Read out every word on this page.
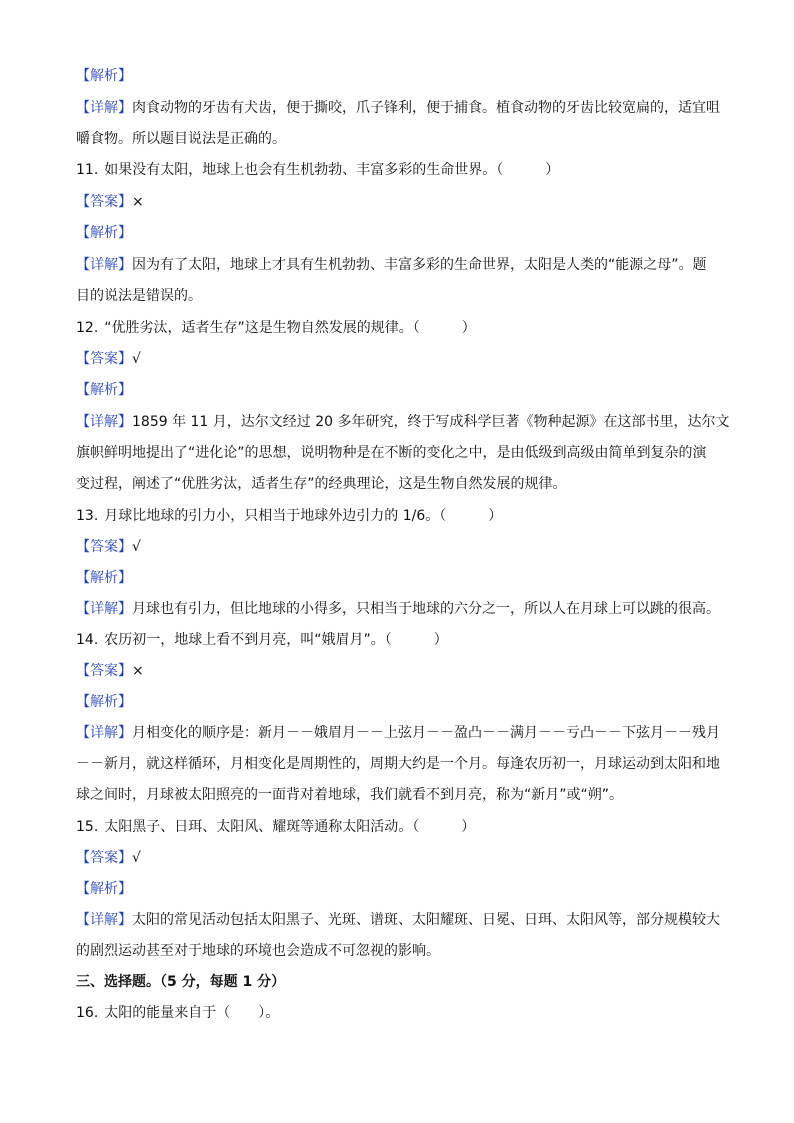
【解析】
【详解】肉食动物的牙齿有犬齿，便于撕咬，爪子锋利，便于捕食。植食动物的牙齿比较宽扁的，适宜咀
嚼食物。所以题目说法是正确的。
11. 如果没有太阳，地球上也会有生机勃勃、丰富多彩的生命世界。（　　　）
【答案】×
【解析】
【详解】因为有了太阳，地球上才具有生机勃勃、丰富多彩的生命世界，太阳是人类的“能源之母”。题
目的说法是错误的。
12. “优胜劣汰，适者生存”这是生物自然发展的规律。（　　　）
【答案】√
【解析】
【详解】1859 年 11 月，达尔文经过 20 多年研究，终于写成科学巨著《物种起源》在这部书里，达尔文
旗帜鲜明地提出了“进化论”的思想，说明物种是在不断的变化之中，是由低级到高级由简单到复杂的演
变过程，阐述了“优胜劣汰，适者生存”的经典理论，这是生物自然发展的规律。
13. 月球比地球的引力小，只相当于地球外边引力的 1/6。（　　　）
【答案】√
【解析】
【详解】月球也有引力，但比地球的小得多，只相当于地球的六分之一，所以人在月球上可以跳的很高。
14. 农历初一，地球上看不到月亮，叫“娥眉月”。（　　　）
【答案】×
【解析】
【详解】月相变化的顺序是：新月－－娥眉月－－上弦月－－盈凸－－满月－－亏凸－－下弦月－－残月
－－新月，就这样循环，月相变化是周期性的，周期大约是一个月。每逢农历初一，月球运动到太阳和地
球之间时，月球被太阳照亮的一面背对着地球，我们就看不到月亮，称为“新月”或“朔”。
15. 太阳黑子、日珥、太阳风、耀斑等通称太阳活动。（　　　）
【答案】√
【解析】
【详解】太阳的常见活动包括太阳黑子、光斑、谱斑、太阳耀斑、日冕、日珥、太阳风等，部分规模较大
的剧烈运动甚至对于地球的环境也会造成不可忽视的影响。
三、选择题。（5 分，每题 1 分）
16. 太阳的能量来自于（　　）。
